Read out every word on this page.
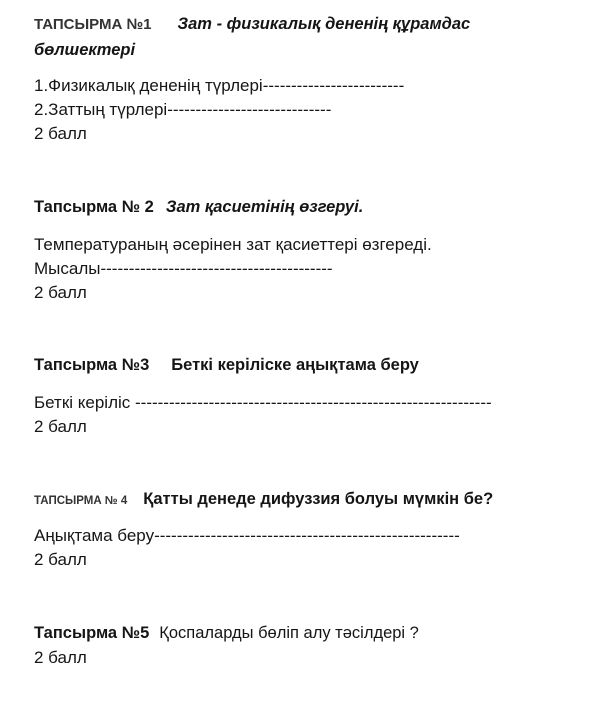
ТАПСЫРМА №1 Зат - физикалық дененің құрамдас
бөлшектері
1.Физикалық дененің түрлері-------------------------
2.Заттың түрлері-----------------------------
2 балл
Тапсырма № 2 Зат қасиетінің өзгеруі.
Температураның әсерінен зат қасиеттері өзгереді.
Мысалы-----------------------------------------
2 балл
Тапсырма №3 Беткі керіліске аңықтама беру
Беткі керіліс ---------------------------------------------------------------
2 балл
ТАПСЫРМА № 4 Қатты денеде дифуззия болуы мүмкін бе?
Аңықтама беру------------------------------------------------------
2 балл
Тапсырма №5 Қоспаларды бөліп алу тәсілдері ?
2 балл
